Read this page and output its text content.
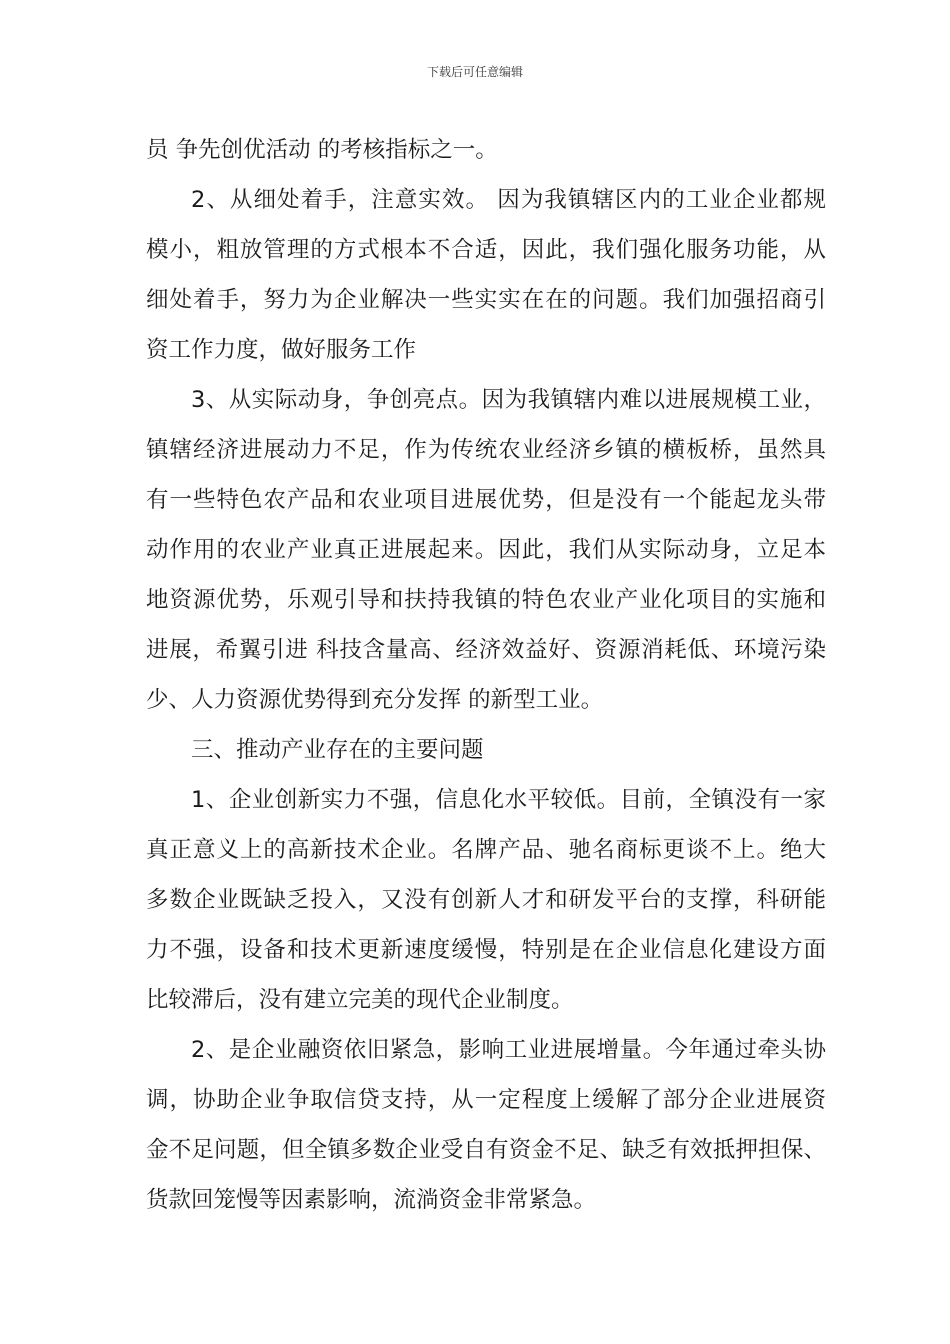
下载后可任意编辑
员 争先创优活动 的考核指标之一。
2、从细处着手，注意实效。 因为我镇辖区内的工业企业都规
模小，粗放管理的方式根本不合适，因此，我们强化服务功能，从
细处着手，努力为企业解决一些实实在在的问题。我们加强招商引
资工作力度，做好服务工作
3、从实际动身，争创亮点。因为我镇辖内难以进展规模工业，
镇辖经济进展动力不足，作为传统农业经济乡镇的横板桥，虽然具
有一些特色农产品和农业项目进展优势，但是没有一个能起龙头带
动作用的农业产业真正进展起来。因此，我们从实际动身，立足本
地资源优势，乐观引导和扶持我镇的特色农业产业化项目的实施和
进展，希翼引进 科技含量高、经济效益好、资源消耗低、环境污染
少、人力资源优势得到充分发挥 的新型工业。
三、推动产业存在的主要问题
1、企业创新实力不强，信息化水平较低。目前，全镇没有一家
真正意义上的高新技术企业。名牌产品、驰名商标更谈不上。绝大
多数企业既缺乏投入，又没有创新人才和研发平台的支撑，科研能
力不强，设备和技术更新速度缓慢，特别是在企业信息化建设方面
比较滞后，没有建立完美的现代企业制度。
2、是企业融资依旧紧急，影响工业进展增量。今年通过牵头协
调，协助企业争取信贷支持，从一定程度上缓解了部分企业进展资
金不足问题，但全镇多数企业受自有资金不足、缺乏有效抵押担保、
货款回笼慢等因素影响，流淌资金非常紧急。
